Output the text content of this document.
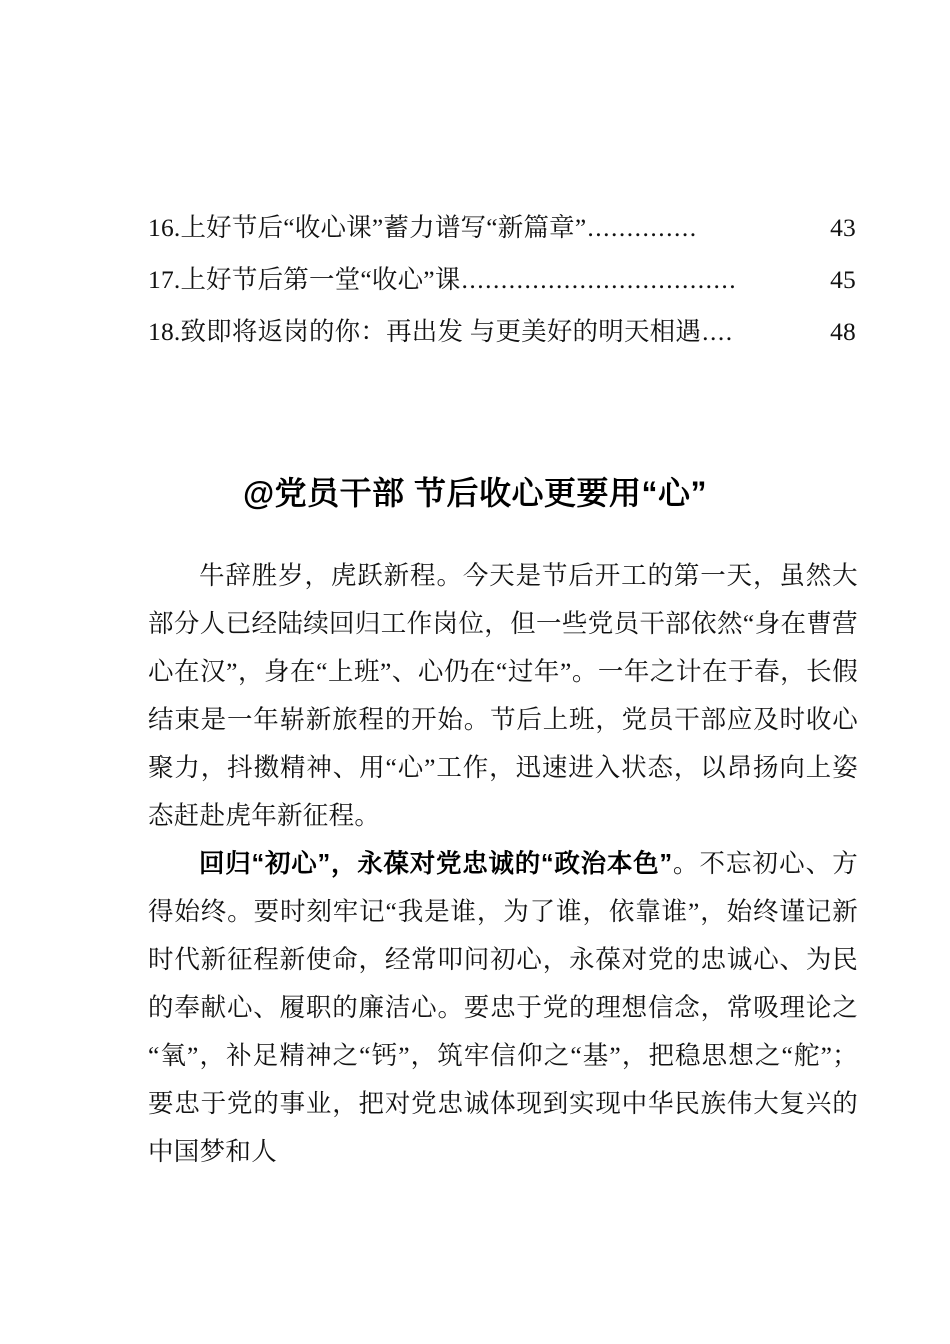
16. 上好节后“收心课”蓄力谱写“新篇章” ..............	43
17. 上好节后第一堂“收心”课 ...................................	45
18. 致即将返岗的你：再出发 与更美好的明天相遇 ....	48
@党员干部 节后收心更要用“心”

牛辞胜岁，虎跃新程。今天是节后开工的第一天，虽然大部分人已经陆续回归工作岗位，但一些党员干部依然“身在曹营心在汉”，身在“上班”、心仍在“过年”。一年之计在于春，长假结束是一年崭新旅程的开始。节后上班，党员干部应及时收心聚力，抖擞精神、用“心”工作，迅速进入状态，以昂扬向上姿态赶赴虎年新征程。

回归“初心”，永葆对党忠诚的“政治本色”。不忘初心、方得始终。要时刻牢记“我是谁，为了谁，依靠谁”，始终谨记新时代新征程新使命，经常叩问初心，永葆对党的忠诚心、为民的奉献心、履职的廉洁心。要忠于党的理想信念，常吸理论之“氧”，补足精神之“钙”，筑牢信仰之“基”，把稳思想之“舵”；要忠于党的事业，把对党忠诚体现到实现中华民族伟大复兴的中国梦和人
